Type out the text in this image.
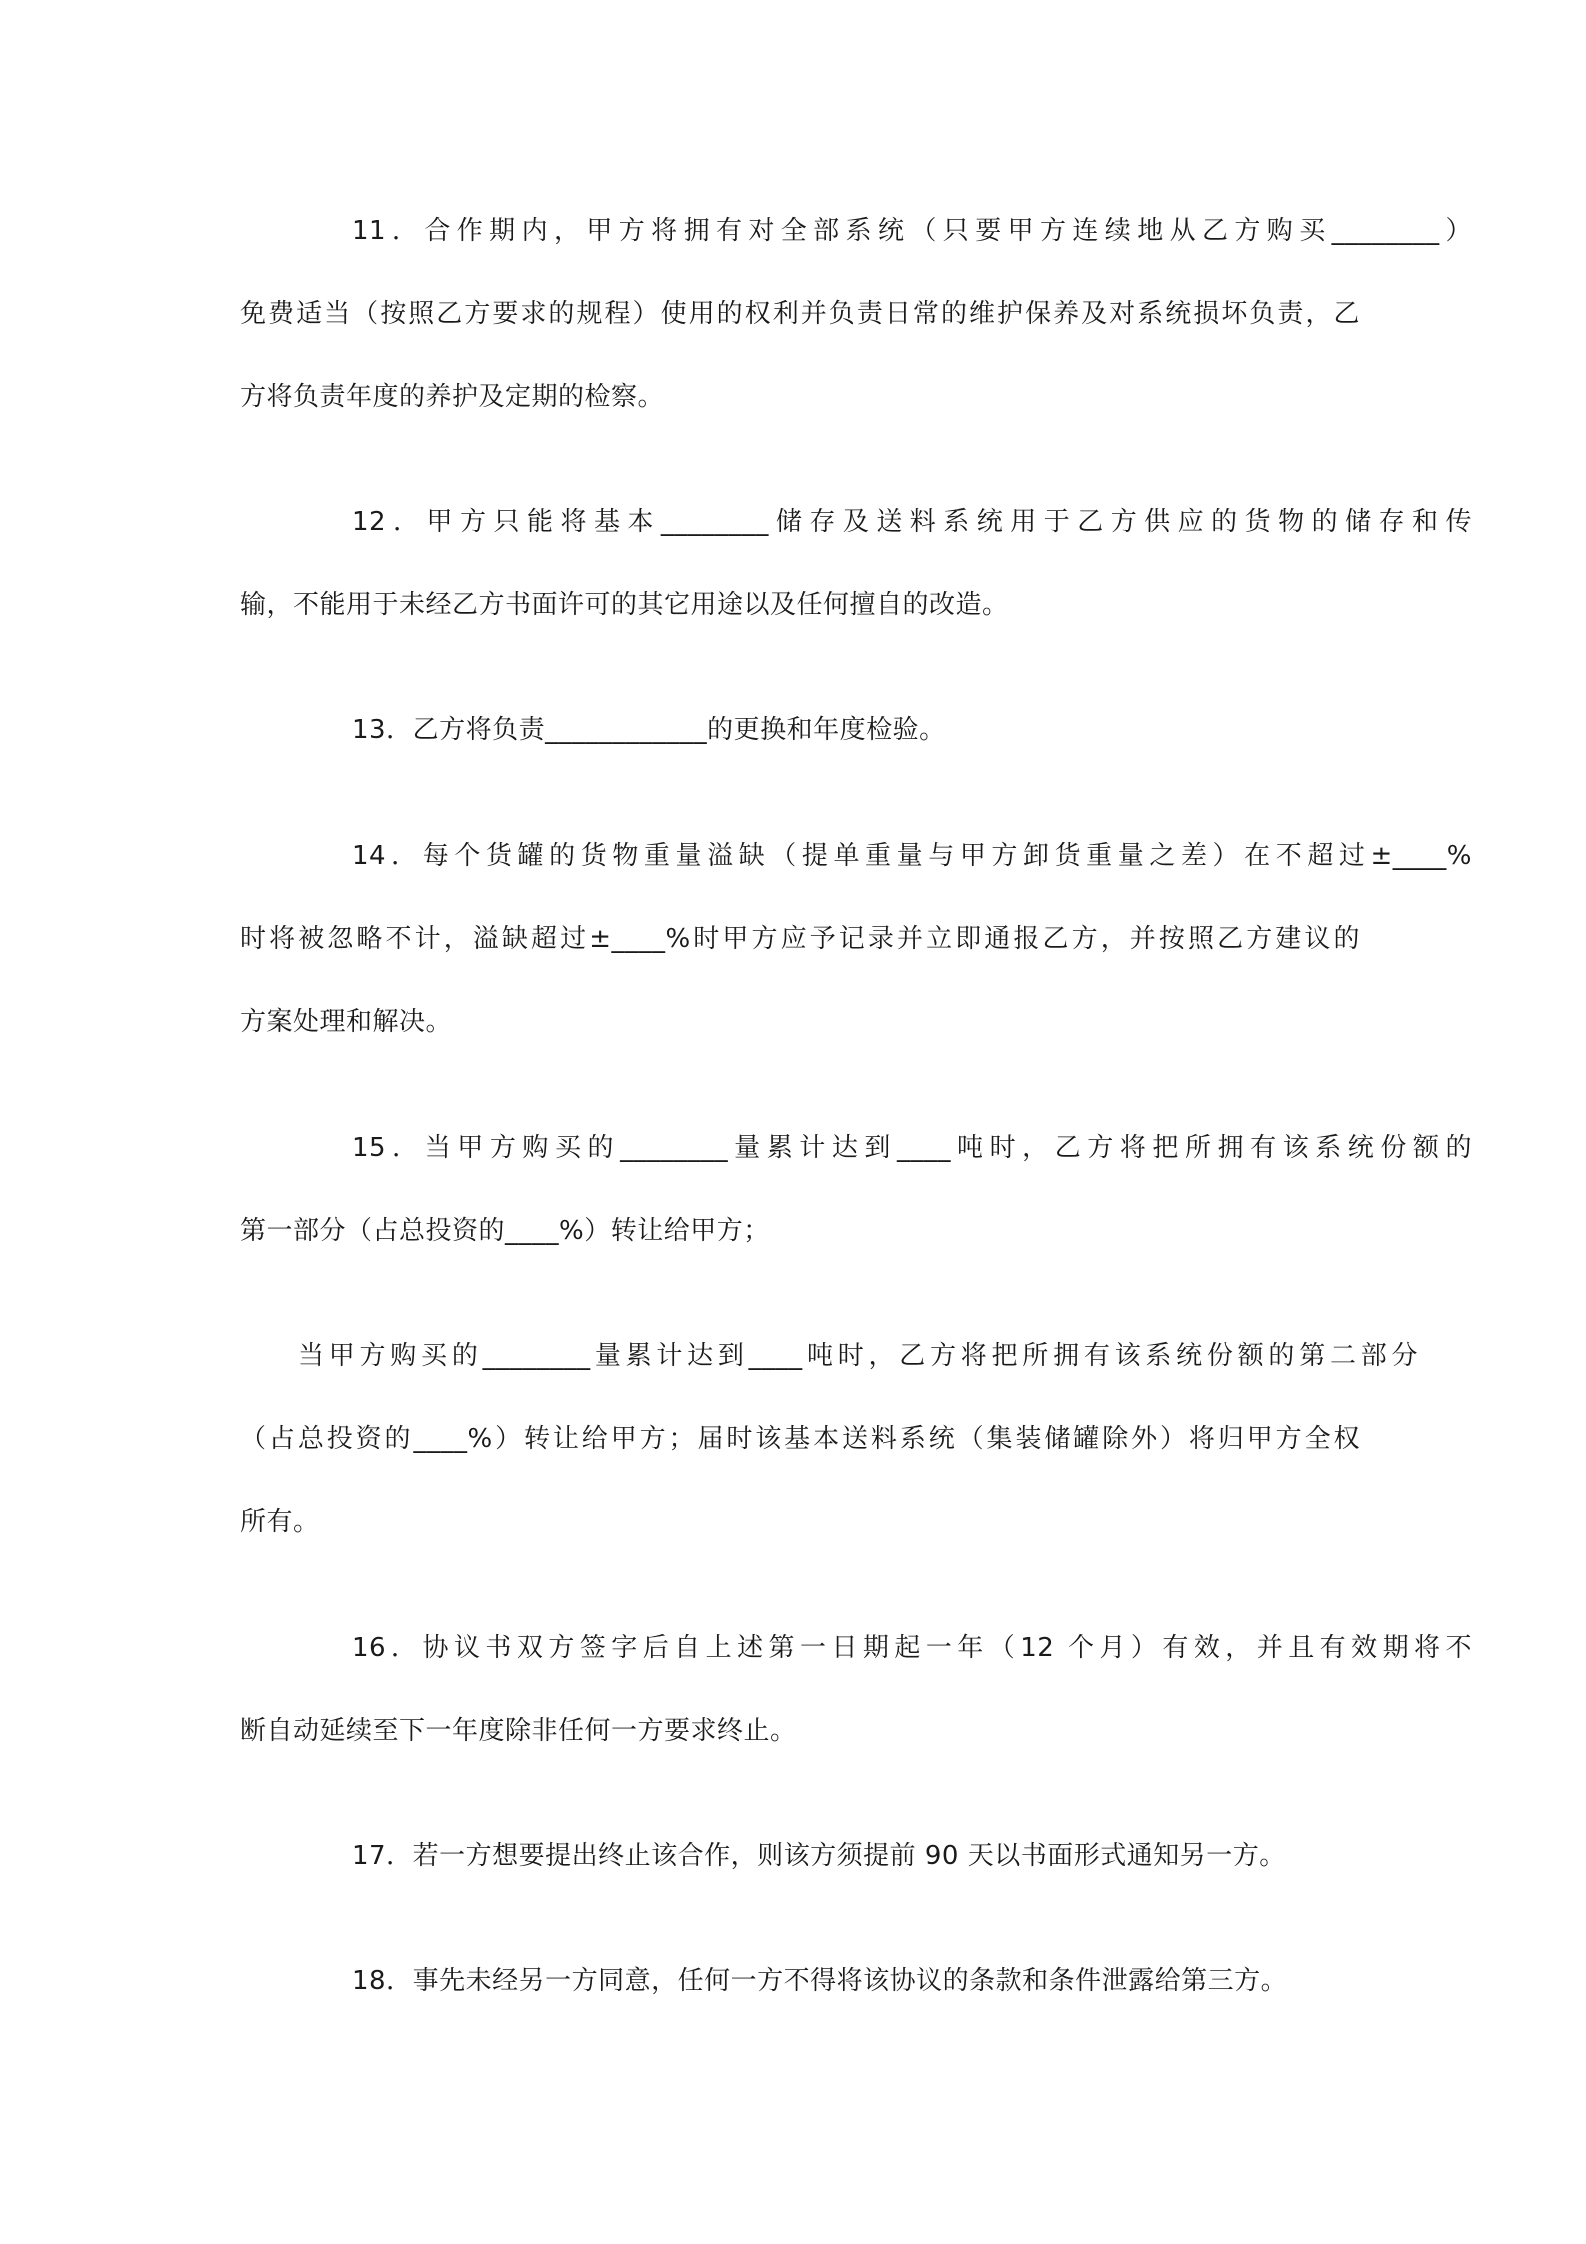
11．合作期内，甲方将拥有对全部系统（只要甲方连续地从乙方购买________）
免费适当（按照乙方要求的规程）使用的权利并负责日常的维护保养及对系统损坏负责，乙
方将负责年度的养护及定期的检察。
12．甲方只能将基本________储存及送料系统用于乙方供应的货物的储存和传
输，不能用于未经乙方书面许可的其它用途以及任何擅自的改造。
13．乙方将负责____________的更换和年度检验。
14．每个货罐的货物重量溢缺（提单重量与甲方卸货重量之差）在不超过±____%
时将被忽略不计，溢缺超过±____%时甲方应予记录并立即通报乙方，并按照乙方建议的
方案处理和解决。
15．当甲方购买的________量累计达到____吨时，乙方将把所拥有该系统份额的
第一部分（占总投资的____%）转让给甲方；
当甲方购买的________量累计达到____吨时，乙方将把所拥有该系统份额的第二部分
（占总投资的____%）转让给甲方；届时该基本送料系统（集装储罐除外）将归甲方全权
所有。
16．协议书双方签字后自上述第一日期起一年（12 个月）有效，并且有效期将不
断自动延续至下一年度除非任何一方要求终止。
17．若一方想要提出终止该合作，则该方须提前 90 天以书面形式通知另一方。
18．事先未经另一方同意，任何一方不得将该协议的条款和条件泄露给第三方。
